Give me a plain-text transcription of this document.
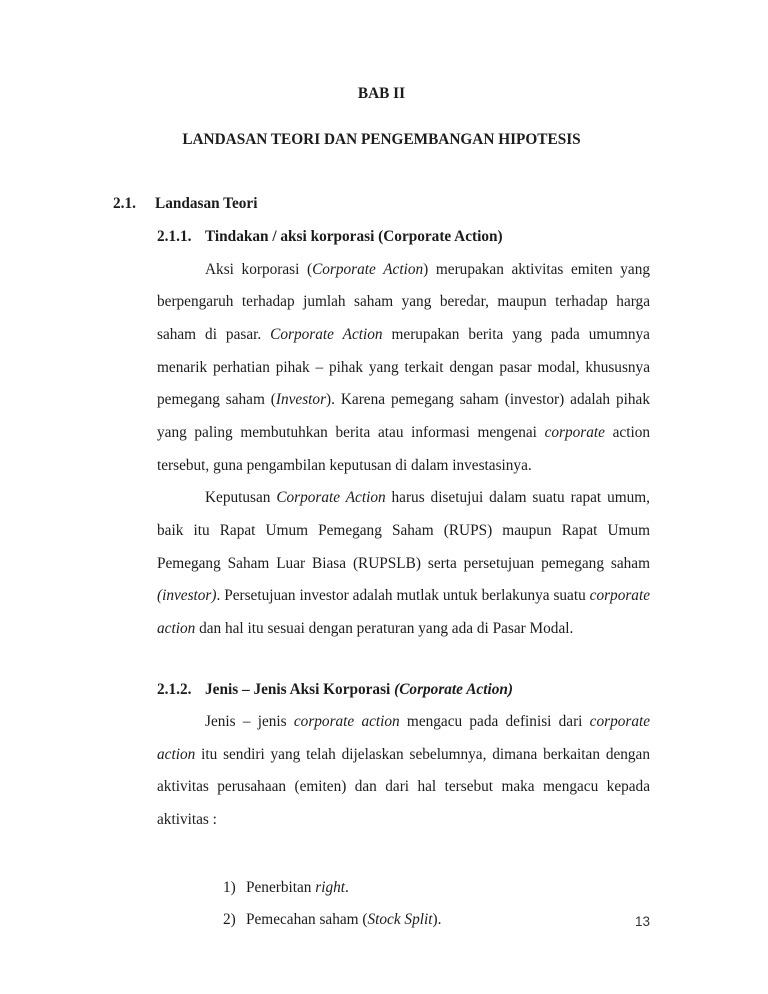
BAB II
LANDASAN TEORI DAN PENGEMBANGAN HIPOTESIS
2.1.	Landasan Teori
2.1.1. Tindakan / aksi korporasi (Corporate Action)
Aksi korporasi (Corporate Action) merupakan aktivitas emiten yang berpengaruh terhadap jumlah saham yang beredar, maupun terhadap harga saham di pasar. Corporate Action merupakan berita yang pada umumnya menarik perhatian pihak – pihak yang terkait dengan pasar modal, khususnya pemegang saham (Investor). Karena pemegang saham (investor) adalah pihak yang paling membutuhkan berita atau informasi mengenai corporate action tersebut, guna pengambilan keputusan di dalam investasinya.
Keputusan Corporate Action harus disetujui dalam suatu rapat umum, baik itu Rapat Umum Pemegang Saham (RUPS) maupun Rapat Umum Pemegang Saham Luar Biasa (RUPSLB) serta persetujuan pemegang saham (investor). Persetujuan investor adalah mutlak untuk berlakunya suatu corporate action dan hal itu sesuai dengan peraturan yang ada di Pasar Modal.
2.1.2. Jenis – Jenis Aksi Korporasi (Corporate Action)
Jenis – jenis corporate action mengacu pada definisi dari corporate action itu sendiri yang telah dijelaskan sebelumnya, dimana berkaitan dengan aktivitas perusahaan (emiten) dan dari hal tersebut maka mengacu kepada aktivitas :
1) Penerbitan right.
2) Pemecahan saham (Stock Split).	13
